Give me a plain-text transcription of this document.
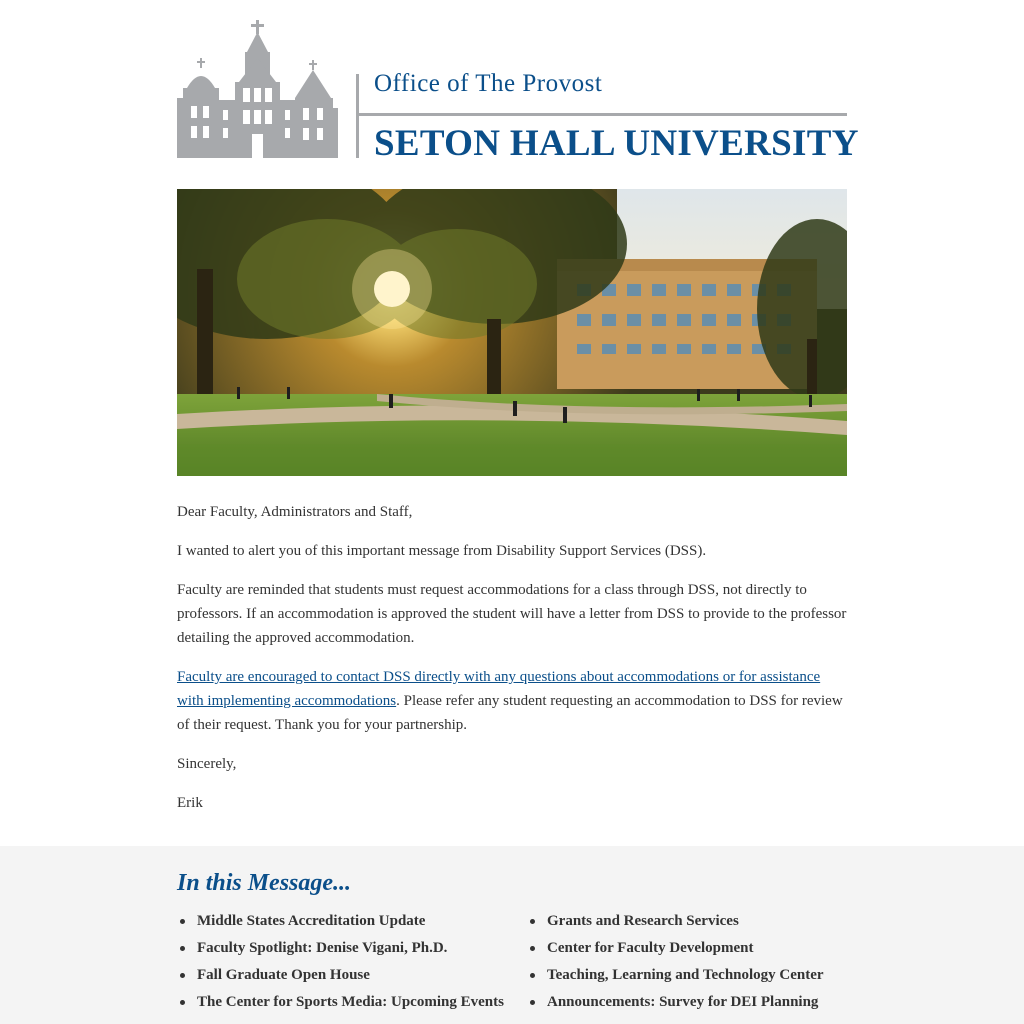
Office of The Provost
SETON HALL UNIVERSITY

Dear Faculty, Administrators and Staff,

I wanted to alert you of this important message from Disability Support Services (DSS).

Faculty are reminded that students must request accommodations for a class through DSS, not directly to professors. If an accommodation is approved the student will have a letter from DSS to provide to the professor detailing the approved accommodation.

Faculty are encouraged to contact DSS directly with any questions about accommodations or for assistance with implementing accommodations. Please refer any student requesting an accommodation to DSS for review of their request. Thank you for your partnership.

Sincerely,

Erik

In this Message...
Middle States Accreditation Update
Faculty Spotlight: Denise Vigani, Ph.D.
Fall Graduate Open House
The Center for Sports Media: Upcoming Events
Grants and Research Services
Center for Faculty Development
Teaching, Learning and Technology Center
Announcements: Survey for DEI Planning
